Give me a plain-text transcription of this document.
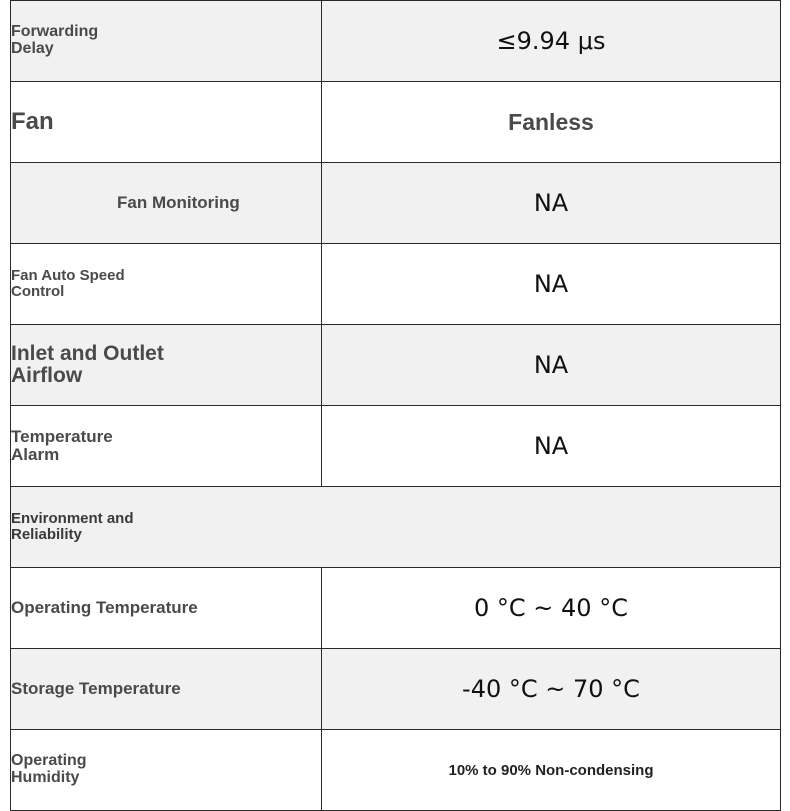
Forwarding
Delay	≤9.94 μs
Fan	Fanless
Fan Monitoring	NA
Fan Auto Speed
Control	NA
Inlet and Outlet
Airflow	NA
Temperature
Alarm	NA
Environment and
Reliability	
Operating Temperature	0 °C ~ 40 °C
Storage Temperature	-40 °C ~ 70 °C
Operating
Humidity	10% to 90% Non-condensing
